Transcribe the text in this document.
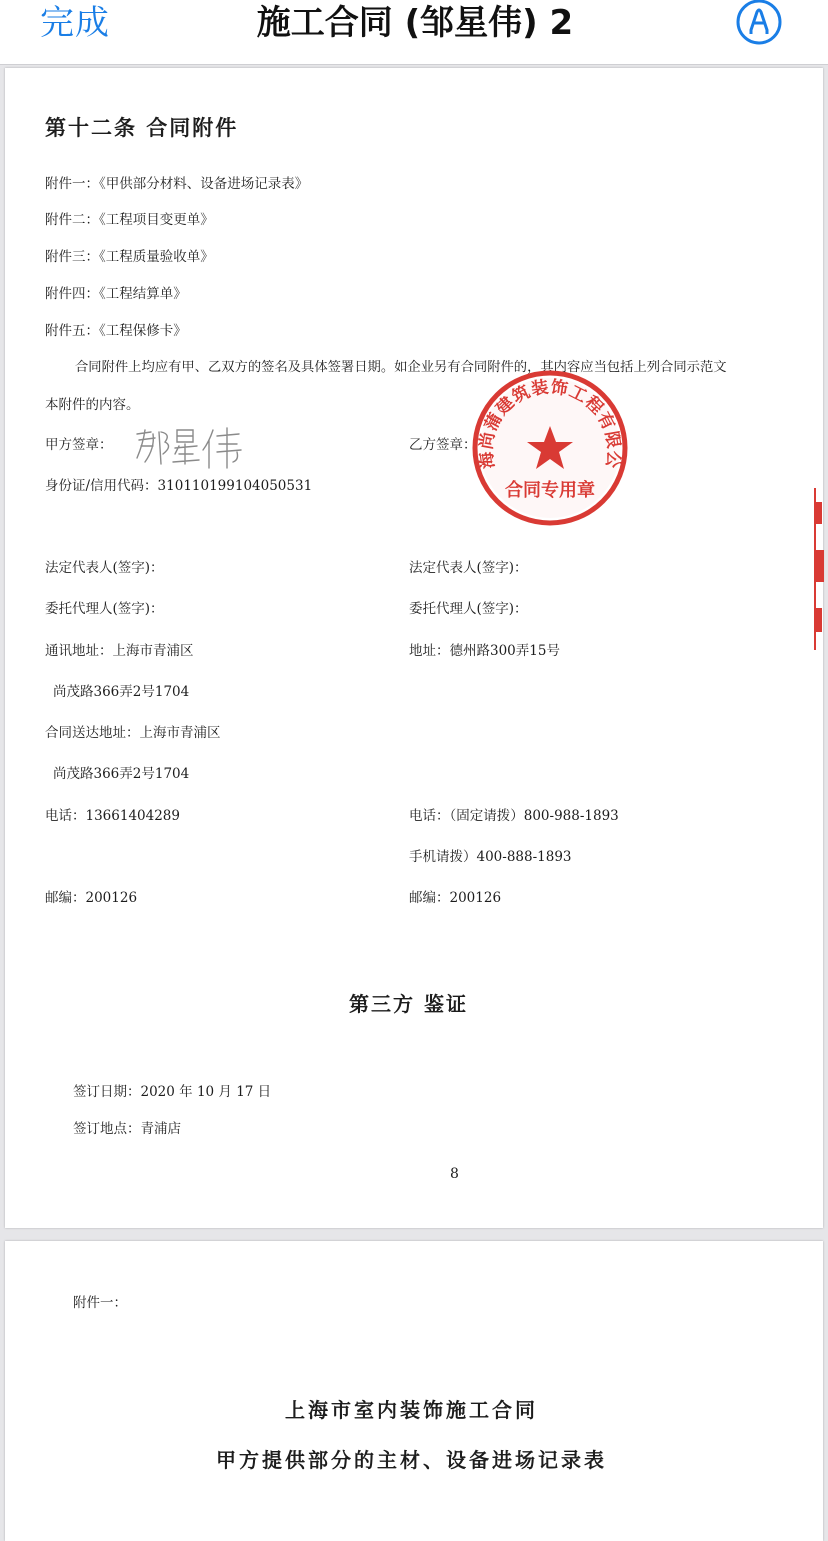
完成	施工合同 (邹星伟) 2
第十二条 合同附件
附件一：《甲供部分材料、设备进场记录表》
附件二：《工程项目变更单》
附件三：《工程质量验收单》
附件四：《工程结算单》
附件五：《工程保修卡》
合同附件上均应有甲、乙双方的签名及具体签署日期。如企业另有合同附件的，其内容应当包括上列合同示范文
本附件的内容。
甲方签章：
身份证/信用代码：310110199104050531
法定代表人(签字)：
委托代理人(签字)：
通讯地址：上海市青浦区
尚茂路366弄2号1704
合同送达地址：上海市青浦区
尚茂路366弄2号1704
电话：13661404289
邮编：200126
乙方签章：
法定代表人(签字)：
委托代理人(签字)：
地址：德州路300弄15号
电话：（固定请拨）800-988-1893
手机请拨）400-888-1893
邮编：200126
海尚蒲建筑装饰工程有限公
合同专用章
第三方 鉴证
签订日期：2020 年 10 月 17 日
签订地点：青浦店
8
附件一：
上海市室内装饰施工合同
甲方提供部分的主材、设备进场记录表
